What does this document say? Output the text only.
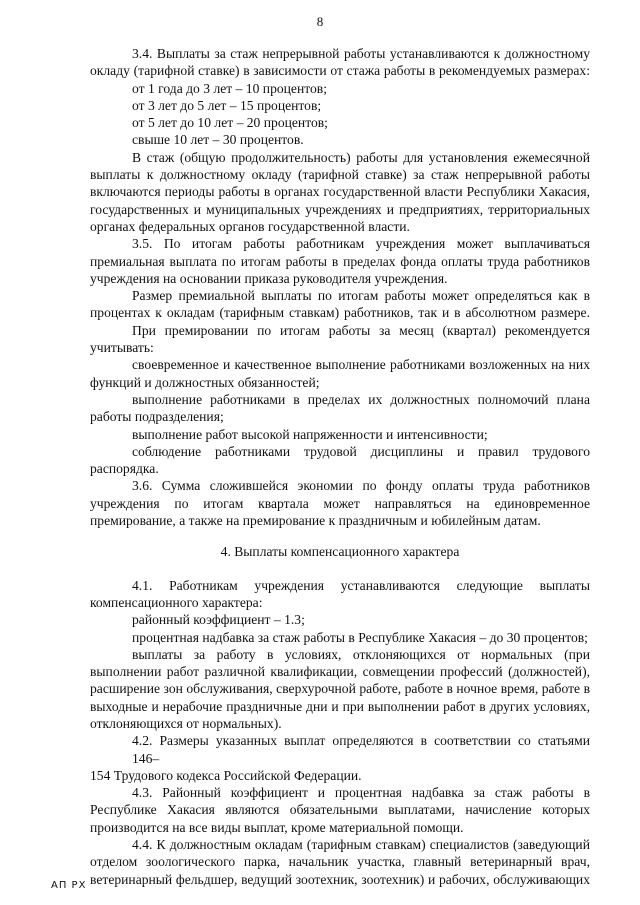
8
3.4. Выплаты за стаж непрерывной работы устанавливаются к должностному
окладу (тарифной ставке) в зависимости от стажа работы в рекомендуемых размерах:
от 1 года до 3 лет – 10 процентов;
от 3 лет до 5 лет – 15 процентов;
от 5 лет до 10 лет – 20 процентов;
свыше 10 лет – 30 процентов.
В стаж (общую продолжительность) работы для установления ежемесячной
выплаты к должностному окладу (тарифной ставке) за стаж непрерывной работы
включаются периоды работы в органах государственной власти Республики Хакасия,
государственных и муниципальных учреждениях и предприятиях, территориальных
органах федеральных органов государственной власти.
3.5. По итогам работы работникам учреждения может выплачиваться
премиальная выплата по итогам работы в пределах фонда оплаты труда работников
учреждения на основании приказа руководителя учреждения.
Размер премиальной выплаты по итогам работы может определяться как в
процентах к окладам (тарифным ставкам) работников, так и в абсолютном размере.
При премировании по итогам работы за месяц (квартал) рекомендуется
учитывать:
своевременное и качественное выполнение работниками возложенных на них
функций и должностных обязанностей;
выполнение работниками в пределах их должностных полномочий плана
работы подразделения;
выполнение работ высокой напряженности и интенсивности;
соблюдение работниками трудовой дисциплины и правил трудового
распорядка.
3.6. Сумма сложившейся экономии по фонду оплаты труда работников
учреждения по итогам квартала может направляться на единовременное
премирование, а также на премирование к праздничным и юбилейным датам.
4. Выплаты компенсационного характера
4.1. Работникам учреждения устанавливаются следующие выплаты
компенсационного характера:
районный коэффициент – 1.3;
процентная надбавка за стаж работы в Республике Хакасия – до 30 процентов;
выплаты за работу в условиях, отклоняющихся от нормальных (при
выполнении работ различной квалификации, совмещении профессий (должностей),
расширение зон обслуживания, сверхурочной работе, работе в ночное время, работе в
выходные и нерабочие праздничные дни и при выполнении работ в других условиях,
отклоняющихся от нормальных).
4.2. Размеры указанных выплат определяются в соответствии со статьями 146–
154 Трудового кодекса Российской Федерации.
4.3. Районный коэффициент и процентная надбавка за стаж работы в
Республике Хакасия являются обязательными выплатами, начисление которых
производится на все виды выплат, кроме материальной помощи.
4.4. К должностным окладам (тарифным ставкам) специалистов (заведующий
отделом зоологического парка, начальник участка, главный ветеринарный врач,
ветеринарный фельдшер, ведущий зоотехник, зоотехник) и рабочих, обслуживающих
АП РХ
